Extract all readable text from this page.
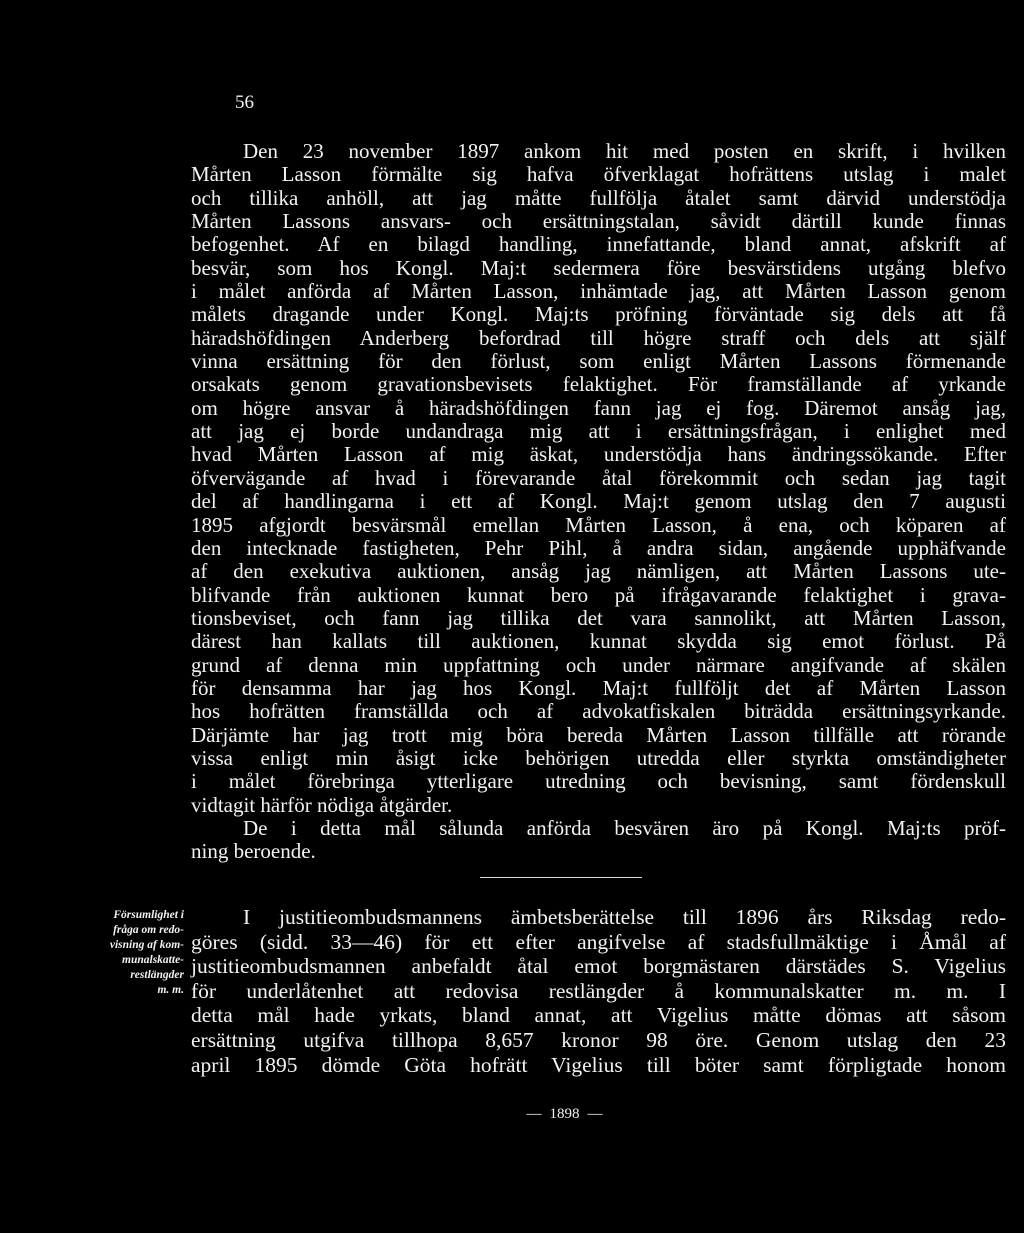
56
Den 23 november 1897 ankom hit med posten en skrift, i hvilken
Mårten Lasson förmälte sig hafva öfverklagat hofrättens utslag i malet
och tillika anhöll, att jag måtte fullfölja åtalet samt därvid understödja
Mårten Lassons ansvars- och ersättningstalan, såvidt därtill kunde finnas
befogenhet. Af en bilagd handling, innefattande, bland annat, afskrift af
besvär, som hos Kongl. Maj:t sedermera före besvärstidens utgång blefvo
i målet anförda af Mårten Lasson, inhämtade jag, att Mårten Lasson genom
målets dragande under Kongl. Maj:ts pröfning förväntade sig dels att få
häradshöfdingen Anderberg befordrad till högre straff och dels att själf
vinna ersättning för den förlust, som enligt Mårten Lassons förmenande
orsakats genom gravationsbevisets felaktighet. För framställande af yrkande
om högre ansvar å häradshöfdingen fann jag ej fog. Däremot ansåg jag,
att jag ej borde undandraga mig att i ersättningsfrågan, i enlighet med
hvad Mårten Lasson af mig äskat, understödja hans ändringssökande. Efter
öfvervägande af hvad i förevarande åtal förekommit och sedan jag tagit
del af handlingarna i ett af Kongl. Maj:t genom utslag den 7 augusti
1895 afgjordt besvärsmål emellan Mårten Lasson, å ena, och köparen af
den intecknade fastigheten, Pehr Pihl, å andra sidan, angående upphäfvande
af den exekutiva auktionen, ansåg jag nämligen, att Mårten Lassons ute-
blifvande från auktionen kunnat bero på ifrågavarande felaktighet i grava-
tionsbeviset, och fann jag tillika det vara sannolikt, att Mårten Lasson,
därest han kallats till auktionen, kunnat skydda sig emot förlust. På
grund af denna min uppfattning och under närmare angifvande af skälen
för densamma har jag hos Kongl. Maj:t fullföljt det af Mårten Lasson
hos hofrätten framställda och af advokatfiskalen biträdda ersättningsyrkande.
Därjämte har jag trott mig böra bereda Mårten Lasson tillfälle att rörande
vissa enligt min åsigt icke behörigen utredda eller styrkta omständigheter
i målet förebringa ytterligare utredning och bevisning, samt fördenskull
vidtagit härför nödiga åtgärder.
De i detta mål sålunda anförda besvären äro på Kongl. Maj:ts pröf-
ning beroende.
Försumlighet i
fråga om redo-
visning af kom-
munalskatte-
restlängder
m. m.
I justitieombudsmannens ämbetsberättelse till 1896 års Riksdag redo-
göres (sidd. 33—46) för ett efter angifvelse af stadsfullmäktige i Åmål af
justitieombudsmannen anbefaldt åtal emot borgmästaren därstädes S. Vigelius
för underlåtenhet att redovisa restlängder å kommunalskatter m. m. I
detta mål hade yrkats, bland annat, att Vigelius måtte dömas att såsom
ersättning utgifva tillhopa 8,657 kronor 98 öre. Genom utslag den 23
april 1895 dömde Göta hofrätt Vigelius till böter samt förpligtade honom
— 1898 —
